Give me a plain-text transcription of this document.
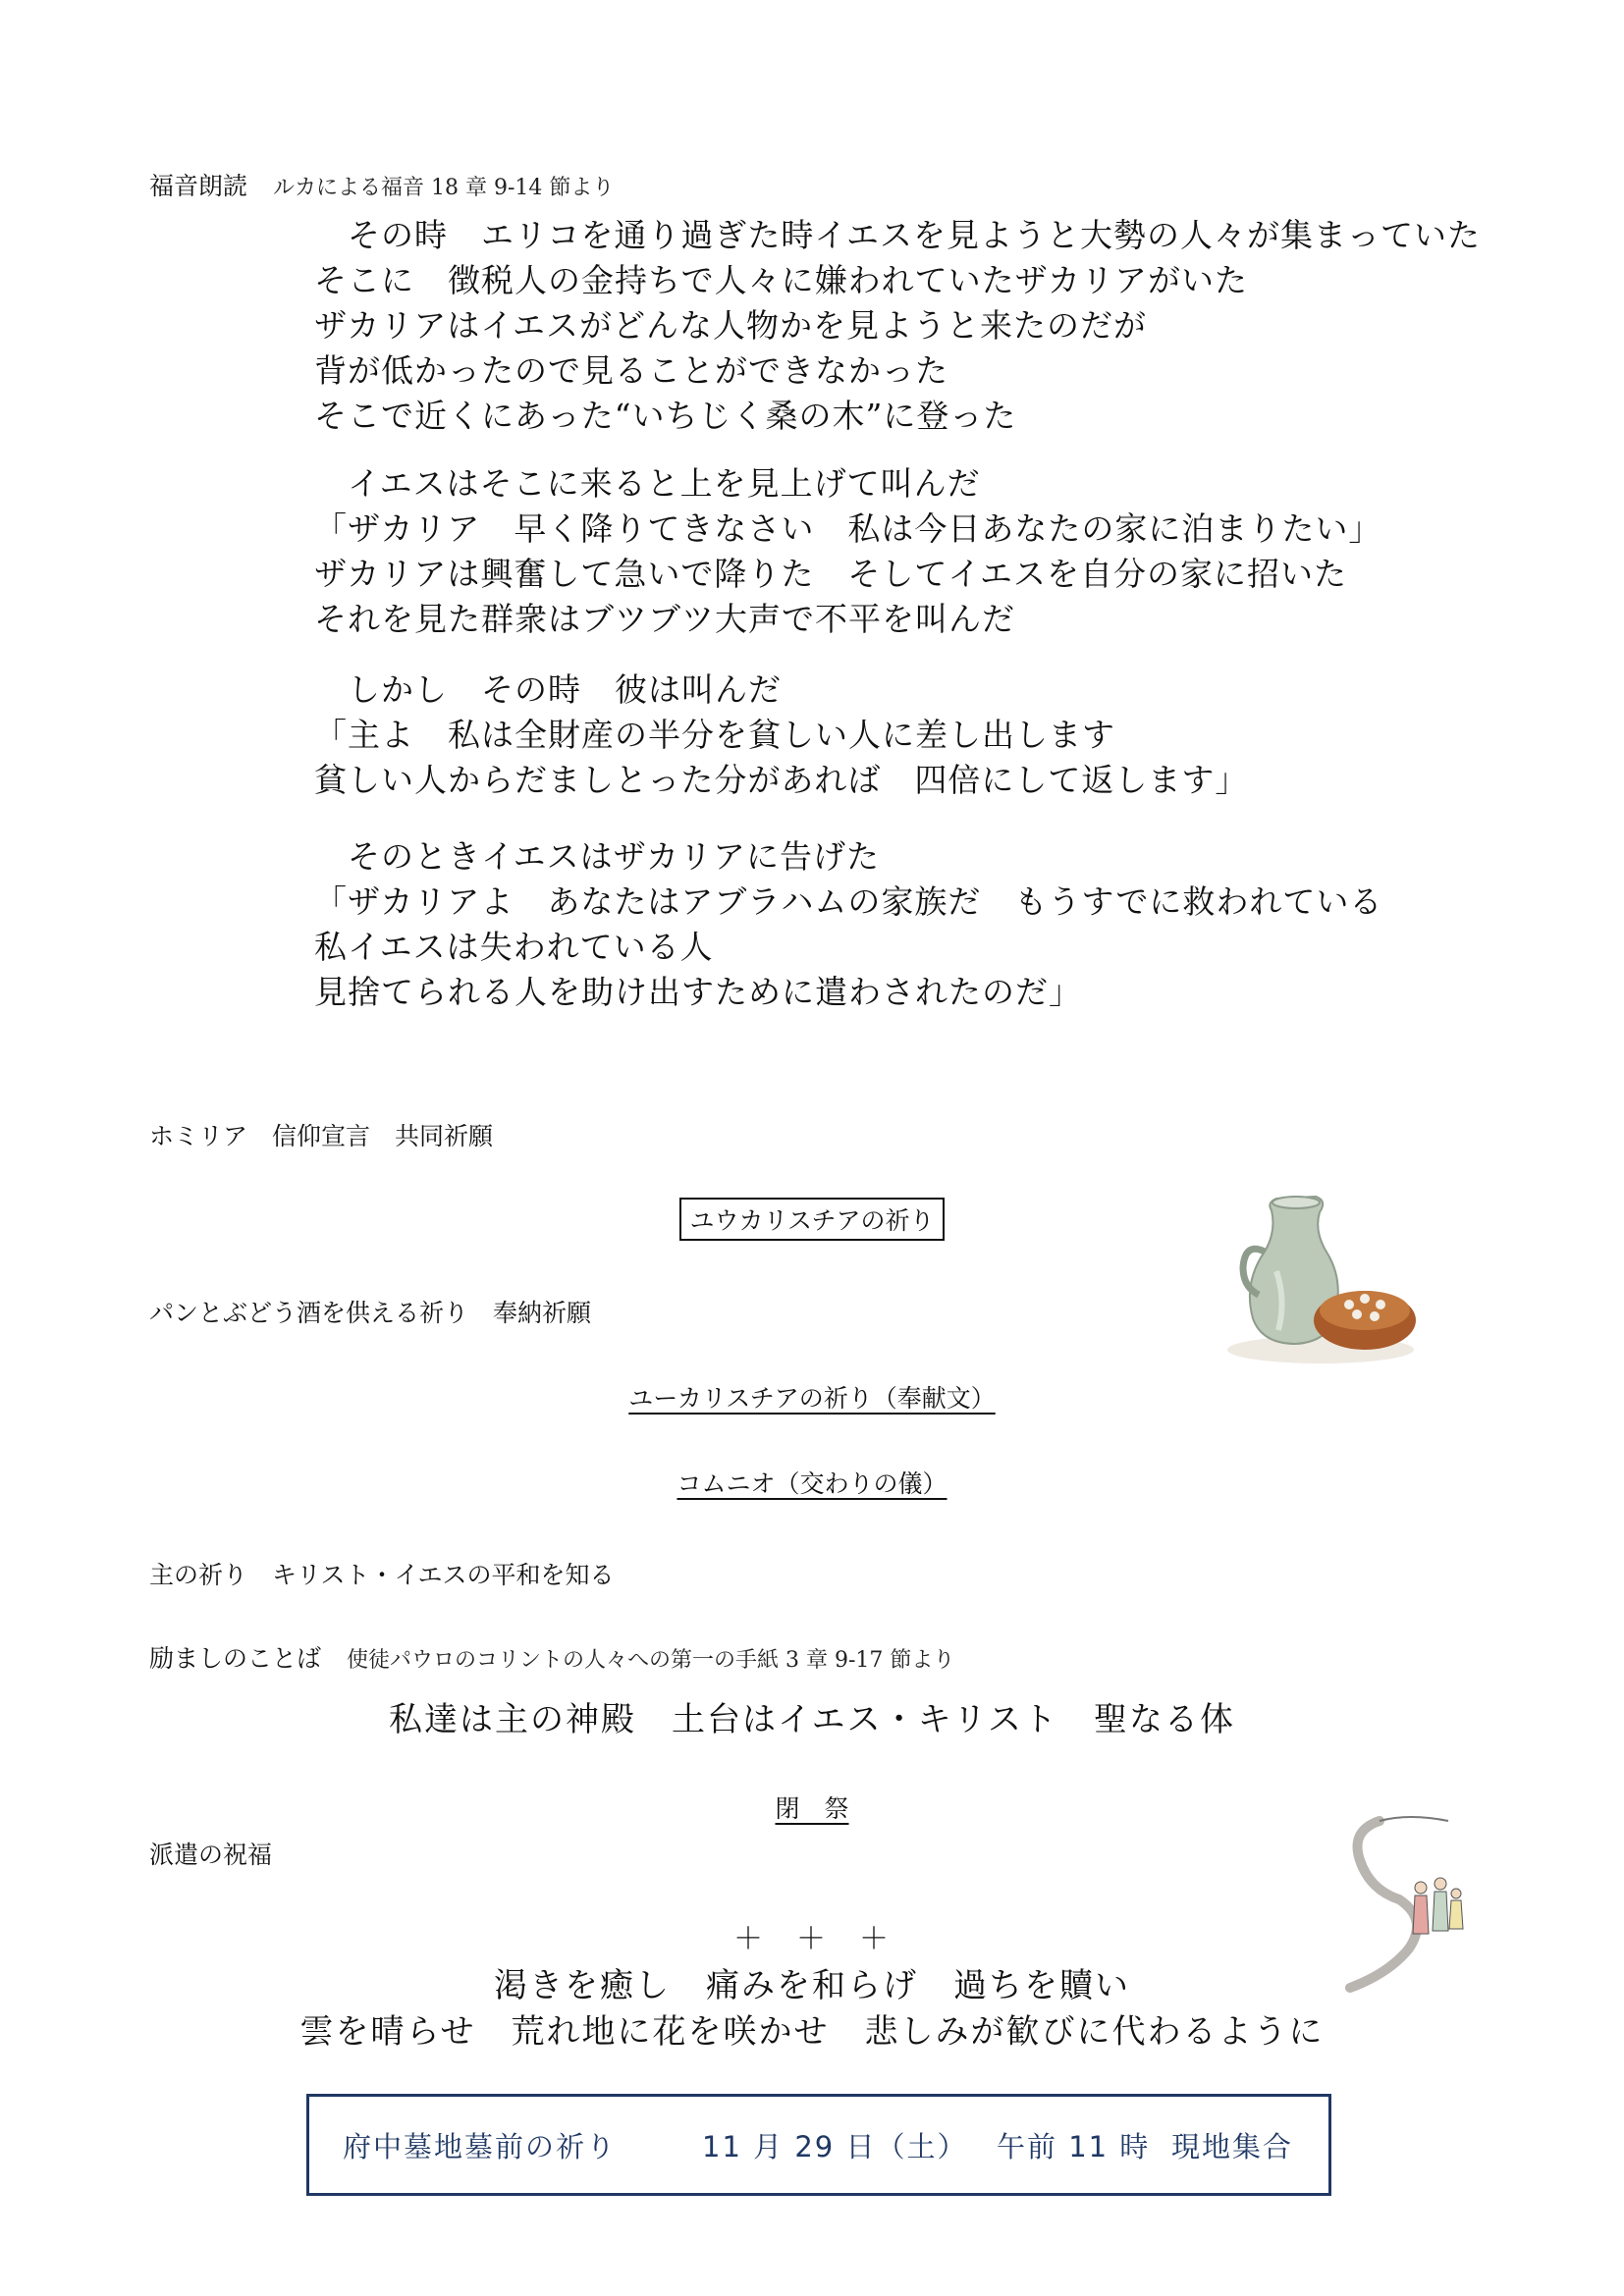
福音朗読 ルカによる福音 18 章 9-14 節より
　その時　エリコを通り過ぎた時イエスを見ようと大勢の人々が集まっていた
そこに　徴税人の金持ちで人々に嫌われていたザカリアがいた
ザカリアはイエスがどんな人物かを見ようと来たのだが
背が低かったので見ることができなかった
そこで近くにあった“いちじく桑の木”に登った
　イエスはそこに来ると上を見上げて叫んだ
「ザカリア　早く降りてきなさい　私は今日あなたの家に泊まりたい」
ザカリアは興奮して急いで降りた　そしてイエスを自分の家に招いた
それを見た群衆はブツブツ大声で不平を叫んだ
　しかし　その時　彼は叫んだ
「主よ　私は全財産の半分を貧しい人に差し出します
貧しい人からだましとった分があれば　四倍にして返します」
　そのときイエスはザカリアに告げた
「ザカリアよ　あなたはアブラハムの家族だ　もうすでに救われている
私イエスは失われている人
見捨てられる人を助け出すために遣わされたのだ」
ホミリア　信仰宣言　共同祈願
ユウカリスチアの祈り
パンとぶどう酒を供える祈り　奉納祈願
ユーカリスチアの祈り（奉献文）
コムニオ（交わりの儀）
主の祈り　キリスト・イエスの平和を知る
励ましのことば 使徒パウロのコリントの人々への第一の手紙 3 章 9-17 節より
私達は主の神殿　土台はイエス・キリスト　聖なる体
閉　祭
派遣の祝福
＋　＋　＋
渇きを癒し　痛みを和らげ　過ちを贖い
雲を晴らせ　荒れ地に花を咲かせ　悲しみが歓びに代わるように
府中墓地墓前の祈り	11 月 29 日（土） 午前 11 時 現地集合
